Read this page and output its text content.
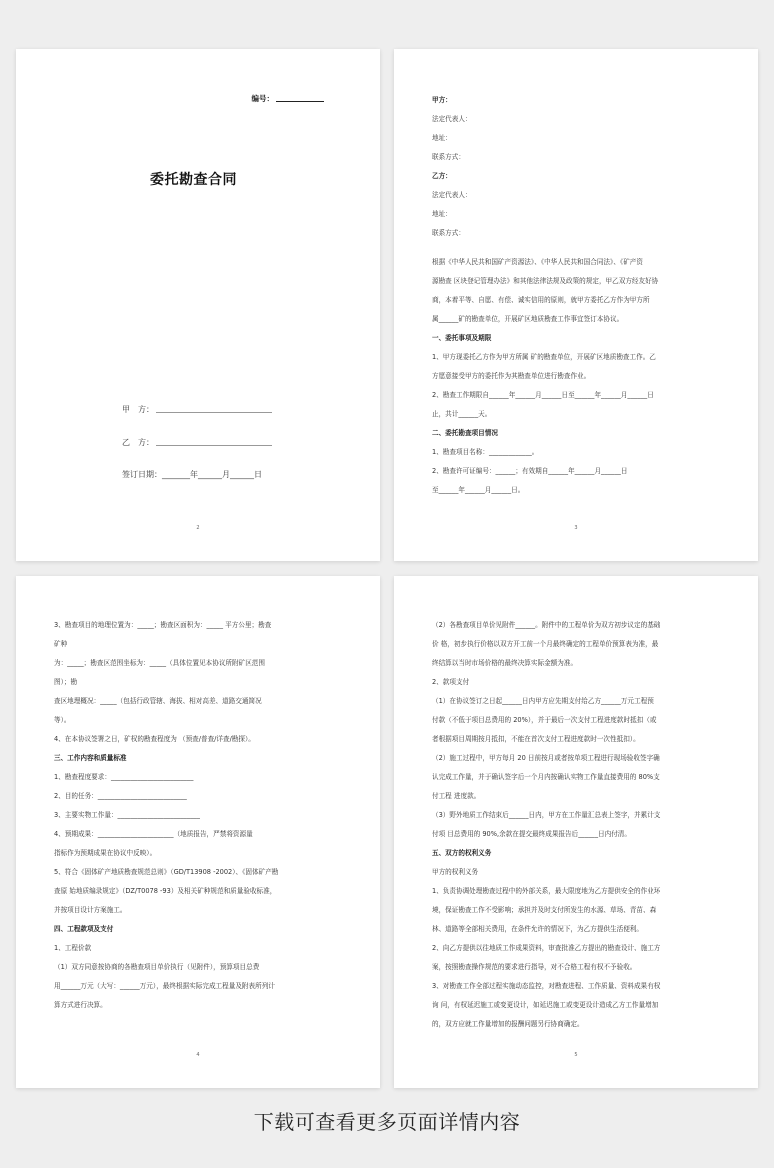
编号：
委托勘查合同
甲　方：
乙　方：
签订日期：_______年______月______日
2
甲方：
法定代表人：
地址：
联系方式：
乙方：
法定代表人：
地址：
联系方式：
根据《中华人民共和国矿产资源法》、《中华人民共和国合同法》、《矿产资
源勘查 区块登记管理办法》和其他法律法规及政策的规定，甲乙双方经友好协
商，本着平等、自愿、有偿、诚实信用的原则，就甲方委托乙方作为甲方所
属______矿的勘查单位，开展矿区地质勘查工作事宜签订本协议。
一、委托事项及期限
1、甲方现委托乙方作为甲方所属 矿的勘查单位，开展矿区地质勘查工作。乙
方愿意接受甲方的委托作为其勘查单位进行勘查作业。
2、勘查工作期限自______年______月______日至______年______月______日
止，共计______天。
二、委托勘查项目情况
1、勘查项目名称：_____________。
2、勘查许可证编号：______；有效期自______年______月______日
至______年______月______日。
3
3、勘查项目的地理位置为：_____；勘查区面积为：_____ 平方公里；勘查
矿种
为：_____；勘查区范围坐标为：_____（具体位置见本协议所附矿区范围
图）；勘
查区地理概况：_____（包括行政管辖、海拔、相对高差、道路交通简况
等）。
4、在本协议签署之日，矿权的勘查程度为 （预查/普查/详查/勘探）。
三、工作内容和质量标准
1、勘查程度要求：_________________________
2、目的任务：___________________________
3、主要实物工作量：_________________________
4、预期成果：_______________________（地质报告，严禁将资源量
指标作为预期成果在协议中反映）。
5、符合《固体矿产地质勘查规范总则》（GD/T13908 -2002）、《固体矿产勘
查原 始地质编录规定》（DZ/T0078 -93）及相关矿种规范和质量验收标准，
并按项目设计方案施工。
四、工程款项及支付
1、工程价款
（1）双方同意按协商的各勘查项目单价执行（见附件），预算项目总费
用______万元（大写：______万元），最终根据实际完成工程量及附表所列计
算方式进行决算。
4
（2）各勘查项目单价见附件______。附件中的工程单价为双方初步议定的基础
价 格，初步执行价格以双方开工前一个月最终确定的工程单价预算表为准，最
终结算以当时市场价格的最终决算实际金额为准。
2、款项支付
（1）在协议签订之日起______日内甲方应先期支付给乙方______万元工程预
付款（不低于项目总费用的 20%），并于最后一次支付工程进度款时抵扣（或
者根据项目周期按月抵扣，不能在首次支付工程进度款时一次性抵扣）。
（2）施工过程中，甲方每月 20 日前按月或者按单项工程进行现场验收签字确
认完成工作量，并于确认签字后一个月内按确认实物工作量直接费用的 80%支
付工程 进度款。
（3）野外地质工作结束后______日内，甲方在工作量汇总表上签字，并累计支
付项 目总费用的 90%,余款在提交最终成果报告后______日内付清。
五、双方的权利义务
甲方的权利义务
1、负责协调处理勘查过程中的外部关系，最大限度地为乙方提供安全的作业环
境，保证勘查工作不受影响；承担并及时支付所发生的水源、草场、青苗、森
林、道路等全部相关费用，在条件允许的情况下，为乙方提供生活便利。
2、向乙方提供以往地质工作成果资料，审查批准乙方提出的勘查设计、施工方
案，按照勘查操作规范的要求进行指导，对不合格工程有权不予验收。
3、对勘查工作全部过程实施动态监控，对勘查进程、工作质量、资料成果有权
询 问，有权延迟施工或变更设计，如延迟施工或变更设计造成乙方工作量增加
的，双方应就工作量增加的报酬问题另行协商确定。
5
下载可查看更多页面详情内容
